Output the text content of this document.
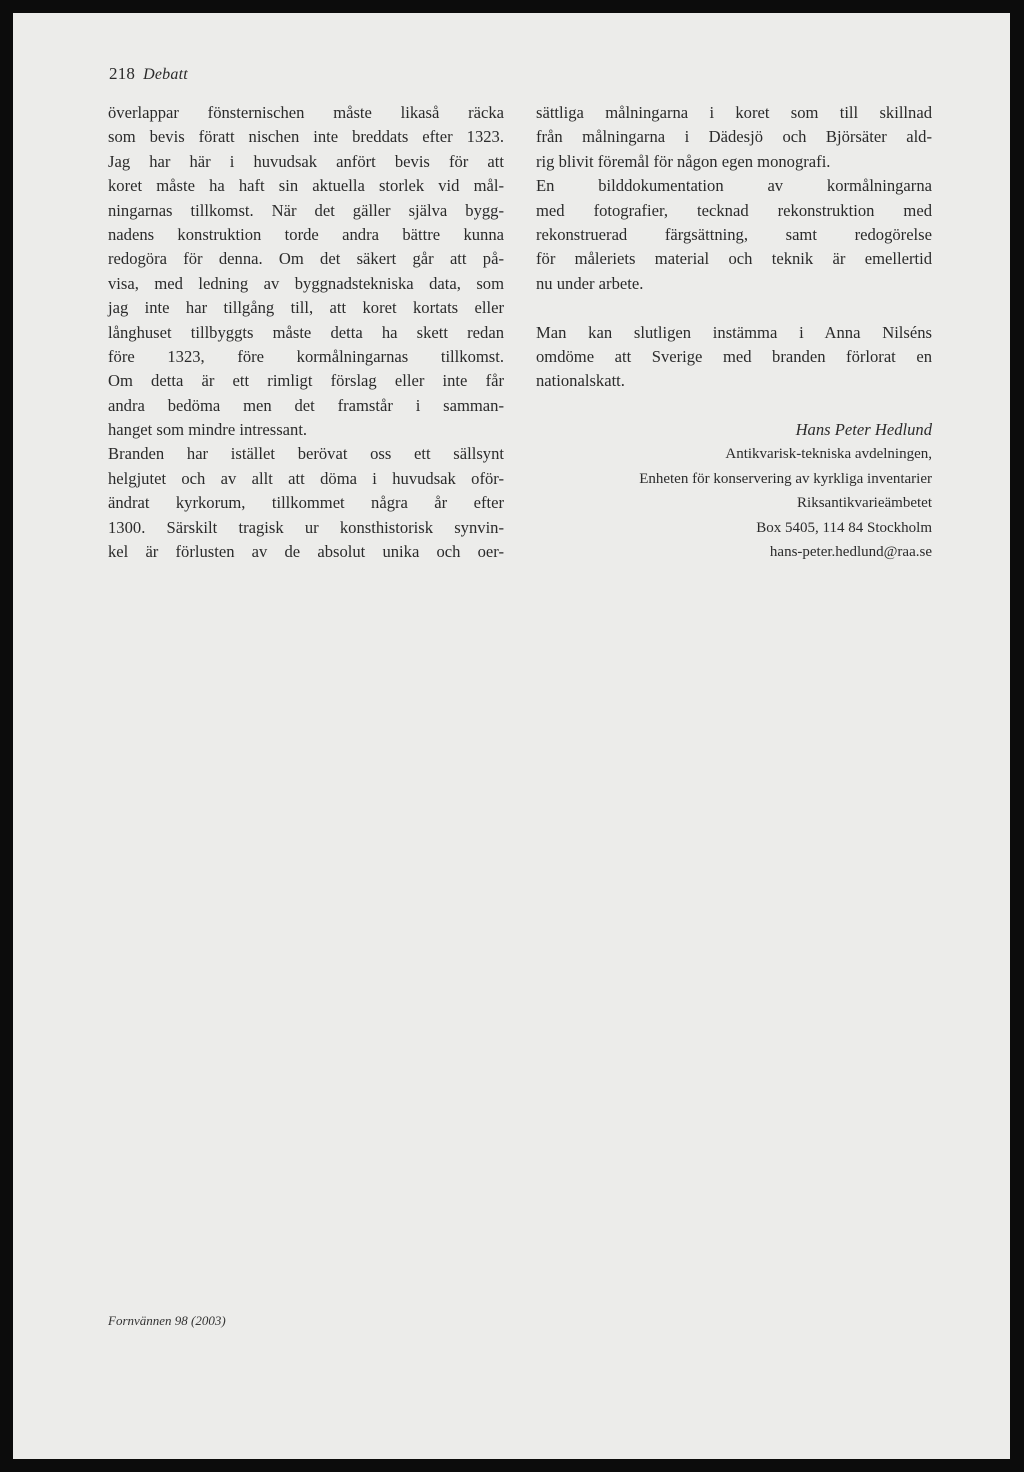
218 Debatt
överlappar fönsternischen måste likaså räcka
som bevis föratt nischen inte breddats efter 1323.
Jag har här i huvudsak anfört bevis för att
koret måste ha haft sin aktuella storlek vid mål-
ningarnas tillkomst. När det gäller själva bygg-
nadens konstruktion torde andra bättre kunna
redogöra för denna. Om det säkert går att på-
visa, med ledning av byggnadstekniska data, som
jag inte har tillgång till, att koret kortats eller
långhuset tillbyggts måste detta ha skett redan
före 1323, före kormålningarnas tillkomst.
Om detta är ett rimligt förslag eller inte får
andra bedöma men det framstår i samman-
hanget som mindre intressant.
Branden har istället berövat oss ett sällsynt
helgjutet och av allt att döma i huvudsak oför-
ändrat kyrkorum, tillkommet några år efter
1300. Särskilt tragisk ur konsthistorisk synvin-
kel är förlusten av de absolut unika och oer-
sättliga målningarna i koret som till skillnad
från målningarna i Dädesjö och Björsäter ald-
rig blivit föremål för någon egen monografi.
En bilddokumentation av kormålningarna
med fotografier, tecknad rekonstruktion med
rekonstruerad färgsättning, samt redogörelse
för måleriets material och teknik är emellertid
nu under arbete.
Man kan slutligen instämma i Anna Nilséns
omdöme att Sverige med branden förlorat en
nationalskatt.
Hans Peter Hedlund
Antikvarisk-tekniska avdelningen,
Enheten för konservering av kyrkliga inventarier
Riksantikvarieämbetet
Box 5405, 114 84 Stockholm
hans-peter.hedlund@raa.se
Fornvännen 98 (2003)
